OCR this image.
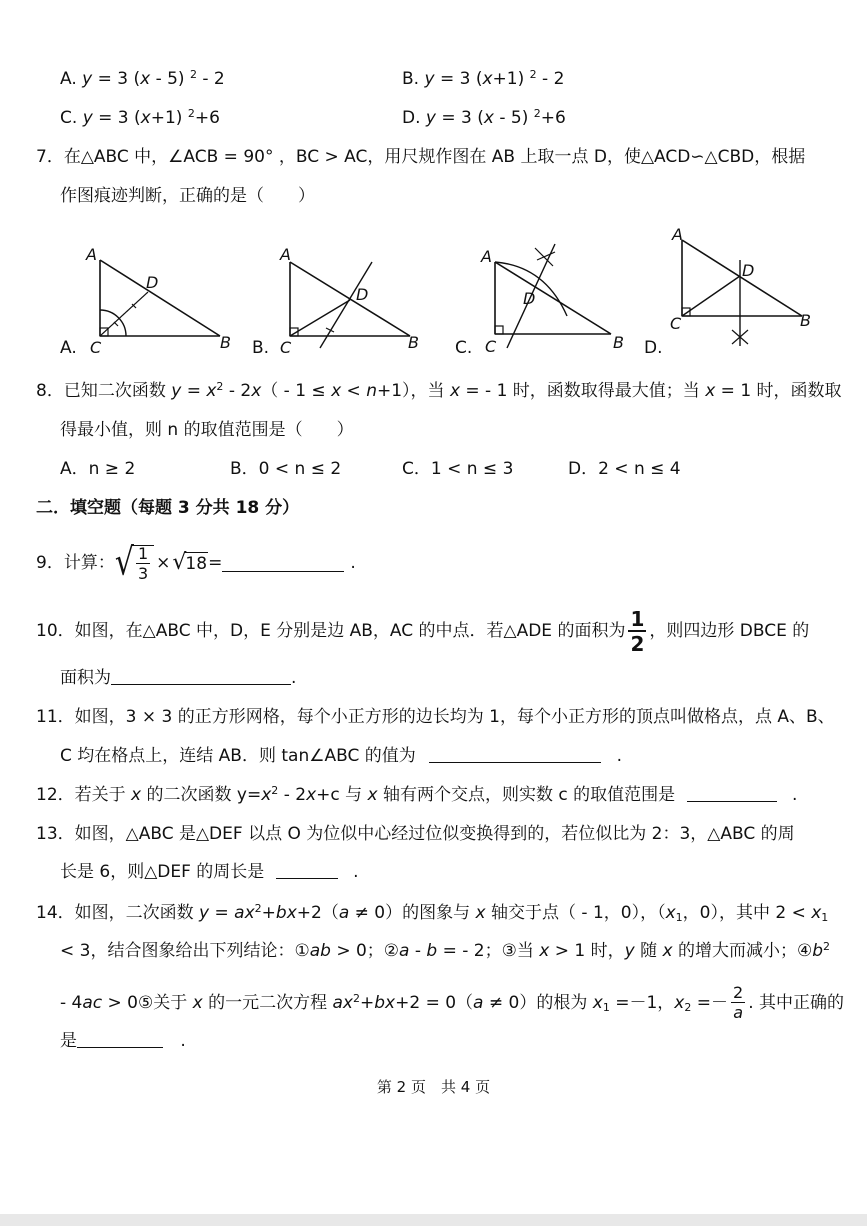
A. y = 3 (x - 5) $^2$ - 2	B. y = 3 (x+1) $^2$ - 2
C. y = 3 (x+1) $^2$+6	D. y = 3 (x - 5) $^2$+6
7．在△ABC 中，∠ACB = 90° ，BC > AC，用尺规作图在 AB 上取一点 D，使△ACD∽△CBD，根据
作图痕迹判断，正确的是（　　）
A
D
C	B
A.
A
D
C	B
B.
A
D
C	B
C.
A
D
C	B
D.
8．已知二次函数 $y = x^2 - 2x( - 1 \le x < n+1)$，当 x = - 1 时，函数取得最大值；当 x = 1 时，函数取
得最小值，则 n 的取值范围是（　　）
A．n ≥ 2	B．0 < n ≤ 2	C．1 < n ≤ 3	D．2 < n ≤ 4
二．填空题（每题 3 分共 18 分）
9． 计算： √ $\frac{1}{3}$ × √ 18 =	.
10． 如图，在△ABC 中，D，E 分别是边 AB，AC 的中点．若△ADE 的面积为 $\frac{1}{2}$ ，则四边形 DBCE 的
面积为	.
11．如图，3 × 3 的正方形网格，每个小正方形的边长均为 1，每个小正方形的顶点叫做格点，点 A、B、
C 均在格点上，连结 AB．则 tan∠ABC 的值为	.
12．若关于 x 的二次函数 $y=x^2 - 2x+c$ 与 x 轴有两个交点，则实数 c 的取值范围是	.
13．如图，△ABC 是△DEF 以点 O 为位似中心经过位似变换得到的，若位似比为 2：3，△ABC 的周
长是 6，则△DEF 的周长是	.
14．如图，二次函数 $y = ax^2+bx+2(a \ne 0)$的图象与 x 轴交于点（ - 1，0），（$x_1$，0），其中 $2 < x_1$
< 3，结合图象给出下列结论：①ab > 0；②a - b = - 2；③当 x > 1 时，y 随 x 的增大而减小；$④b^2$
- 4ac > 0⑤关于 x 的一元二次方程 $ax^2+bx+2 = 0(a \ne 0)$的根为 $x_1 =-1$，$x_2 =- \frac{2}{a}$ . 其中正确的
是	.
第 2 页　共 4 页
